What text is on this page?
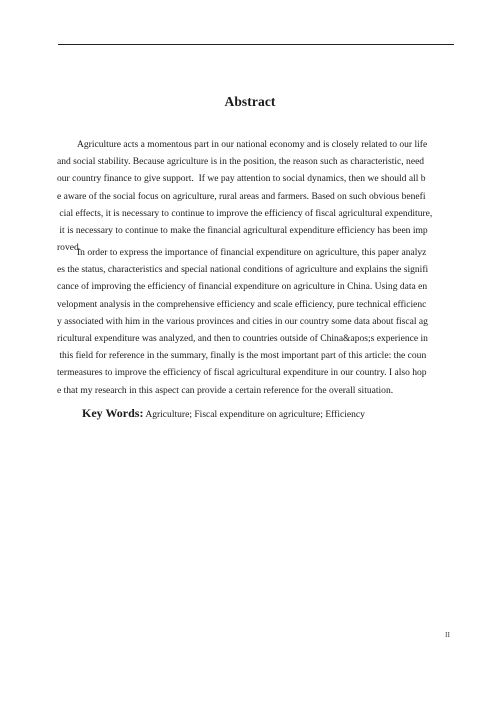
Abstract
Agriculture acts a momentous part in our national economy and is closely related to our life
and social stability. Because agriculture is in the position, the reason such as characteristic, need
our country finance to give support.  If we pay attention to social dynamics, then we should all b
e aware of the social focus on agriculture, rural areas and farmers. Based on such obvious benefi
cial effects, it is necessary to continue to improve the efficiency of fiscal agricultural expenditure,
it is necessary to continue to make the financial agricultural expenditure efficiency has been imp
roved.
In order to express the importance of financial expenditure on agriculture, this paper analyz
es the status, characteristics and special national conditions of agriculture and explains the signifi
cance of improving the efficiency of financial expenditure on agriculture in China. Using data en
velopment analysis in the comprehensive efficiency and scale efficiency, pure technical efficienc
y associated with him in the various provinces and cities in our country some data about fiscal ag
ricultural expenditure was analyzed, and then to countries outside of China&apos;s experience in
this field for reference in the summary, finally is the most important part of this article: the coun
termeasures to improve the efficiency of fiscal agricultural expenditure in our country. I also hop
e that my research in this aspect can provide a certain reference for the overall situation.
Key Words: Agriculture; Fiscal expenditure on agriculture; Efficiency
II
